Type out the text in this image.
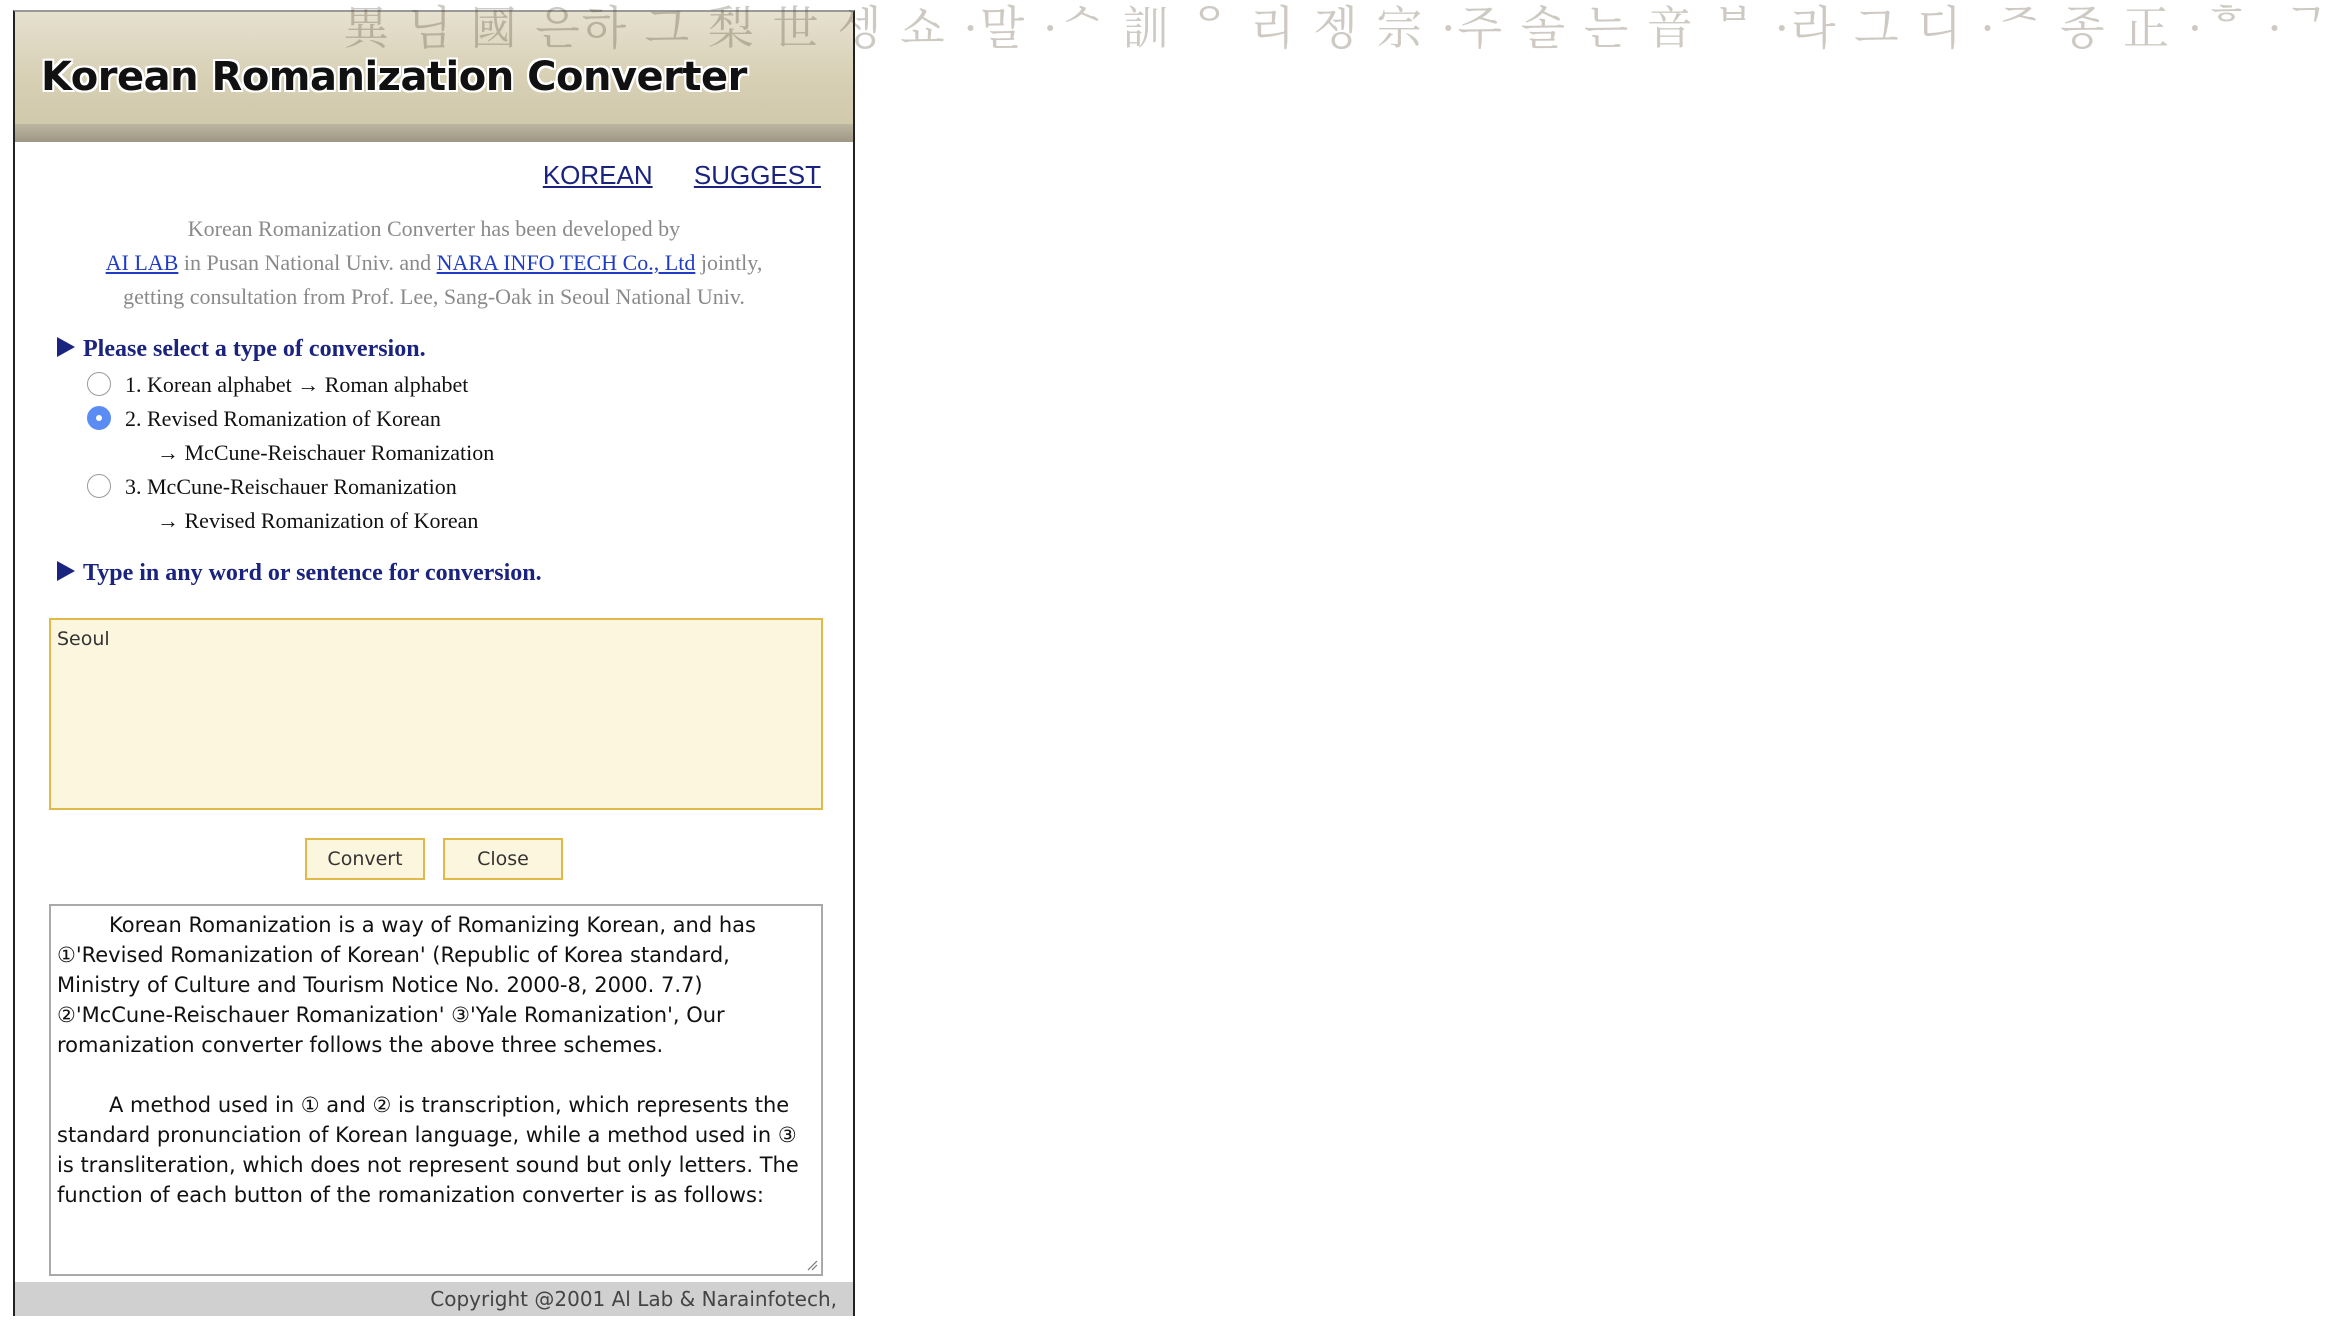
異 님 國 은하 그 梨 世 셍 쇼 ·말 ·ᄉ 訓 ᄋ 리 젱 宗 ·주 솔 는 音 ᄇ ·라 그 디 ·ᄌ 종 正 ·ᄒ ·ᄀ
Korean Romanization Converter
KOREAN SUGGEST
Korean Romanization Converter has been developed by
AI LAB in Pusan National Univ. and NARA INFO TECH Co., Ltd jointly,
getting consultation from Prof. Lee, Sang-Oak in Seoul National Univ.
Please select a type of conversion.
1. Korean alphabet → Roman alphabet
2. Revised Romanization of Korean
→ McCune-Reischauer Romanization
3. McCune-Reischauer Romanization
→ Revised Romanization of Korean
Type in any word or sentence for conversion.
Seoul
Convert	Close

Korean Romanization is a way of Romanizing Korean, and has ①'Revised Romanization of Korean' (Republic of Korea standard, Ministry of Culture and Tourism Notice No. 2000-8, 2000. 7.7) ②'McCune-Reischauer Romanization' ③'Yale Romanization', Our romanization converter follows the above three schemes.

A method used in ① and ② is transcription, which represents the standard pronunciation of Korean language, while a method used in ③ is transliteration, which does not represent sound but only letters. The function of each button of the romanization converter is as follows:

Copyright @2001 Al Lab & Narainfotech,
